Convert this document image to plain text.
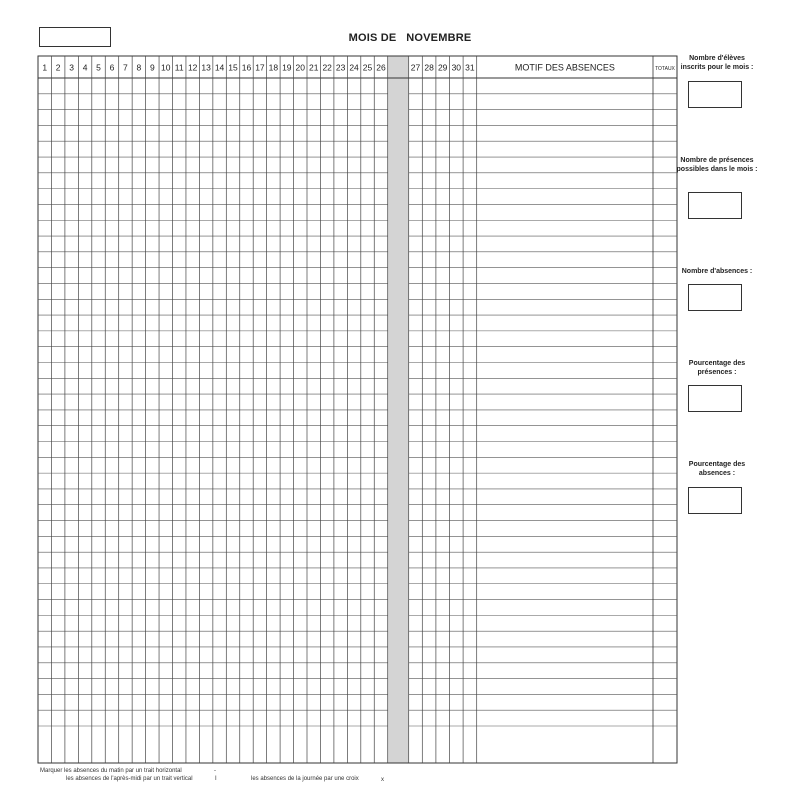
MOIS DE   NOVEMBRE
1 2 3 4 5 6 7 8 9 10 11 12 13 14 15 16 17 18 19 20 21 22 23 24 25 26	27 28 29 30 31	MOTIF DES ABSENCES	TOTAUX
Nombre d'élèves inscrits pour le mois :
Nombre de présences possibles dans le mois :
Nombre d'absences :
Pourcentage des présences :
Pourcentage des absences :
Marquer les absences du matin par un trait horizontal	-
les absences de l'après-midi par un trait vertical	I	les absences de la journée par une croix	x
